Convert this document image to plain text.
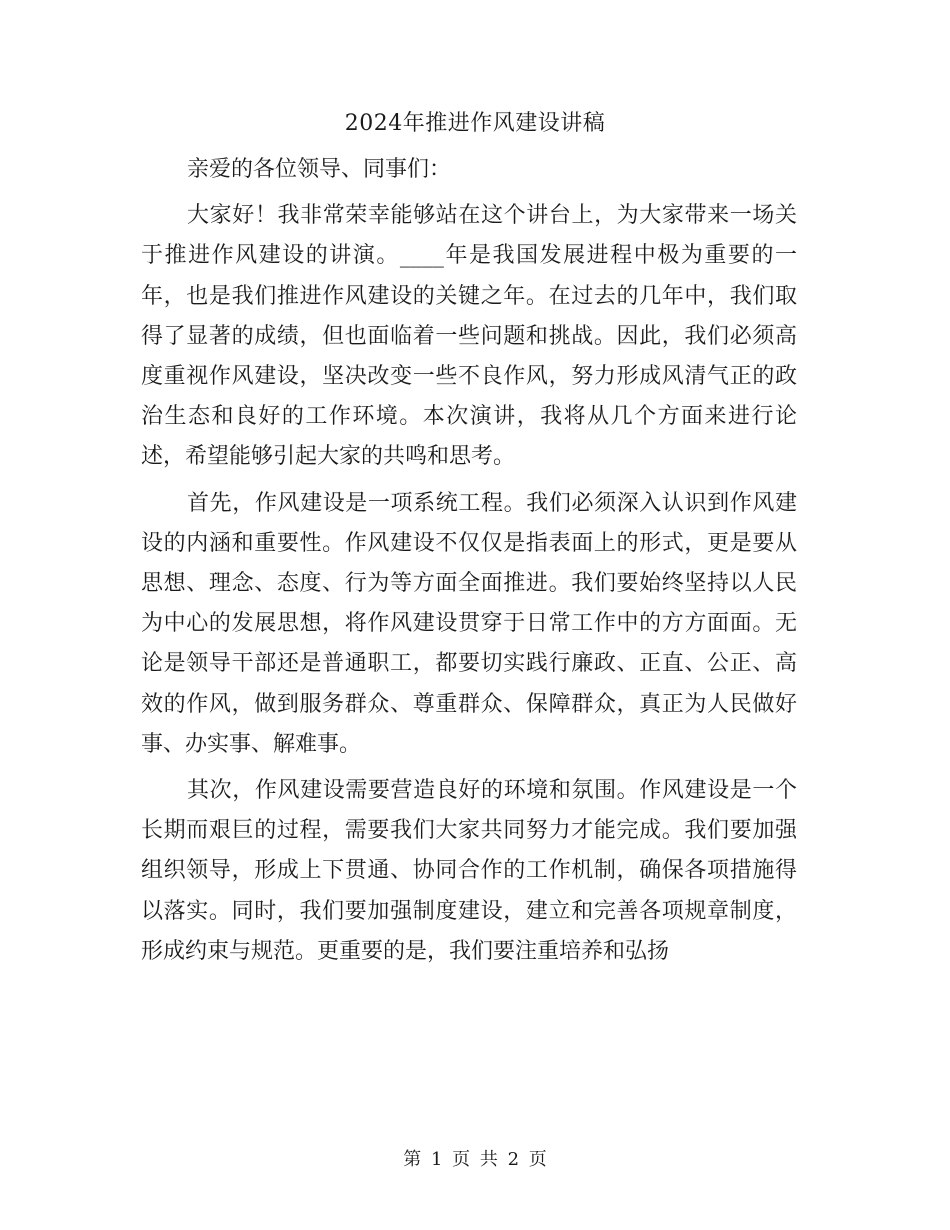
2024年推进作风建设讲稿

亲爱的各位领导、同事们：

大家好！我非常荣幸能够站在这个讲台上，为大家带来一场关于推进作风建设的讲演。____年是我国发展进程中极为重要的一年，也是我们推进作风建设的关键之年。在过去的几年中，我们取得了显著的成绩，但也面临着一些问题和挑战。因此，我们必须高度重视作风建设，坚决改变一些不良作风，努力形成风清气正的政治生态和良好的工作环境。本次演讲，我将从几个方面来进行论述，希望能够引起大家的共鸣和思考。

首先，作风建设是一项系统工程。我们必须深入认识到作风建设的内涵和重要性。作风建设不仅仅是指表面上的形式，更是要从思想、理念、态度、行为等方面全面推进。我们要始终坚持以人民为中心的发展思想，将作风建设贯穿于日常工作中的方方面面。无论是领导干部还是普通职工，都要切实践行廉政、正直、公正、高效的作风，做到服务群众、尊重群众、保障群众，真正为人民做好事、办实事、解难事。

其次，作风建设需要营造良好的环境和氛围。作风建设是一个长期而艰巨的过程，需要我们大家共同努力才能完成。我们要加强组织领导，形成上下贯通、协同合作的工作机制，确保各项措施得以落实。同时，我们要加强制度建设，建立和完善各项规章制度，形成约束与规范。更重要的是，我们要注重培养和弘扬

第 1 页 共 2 页
